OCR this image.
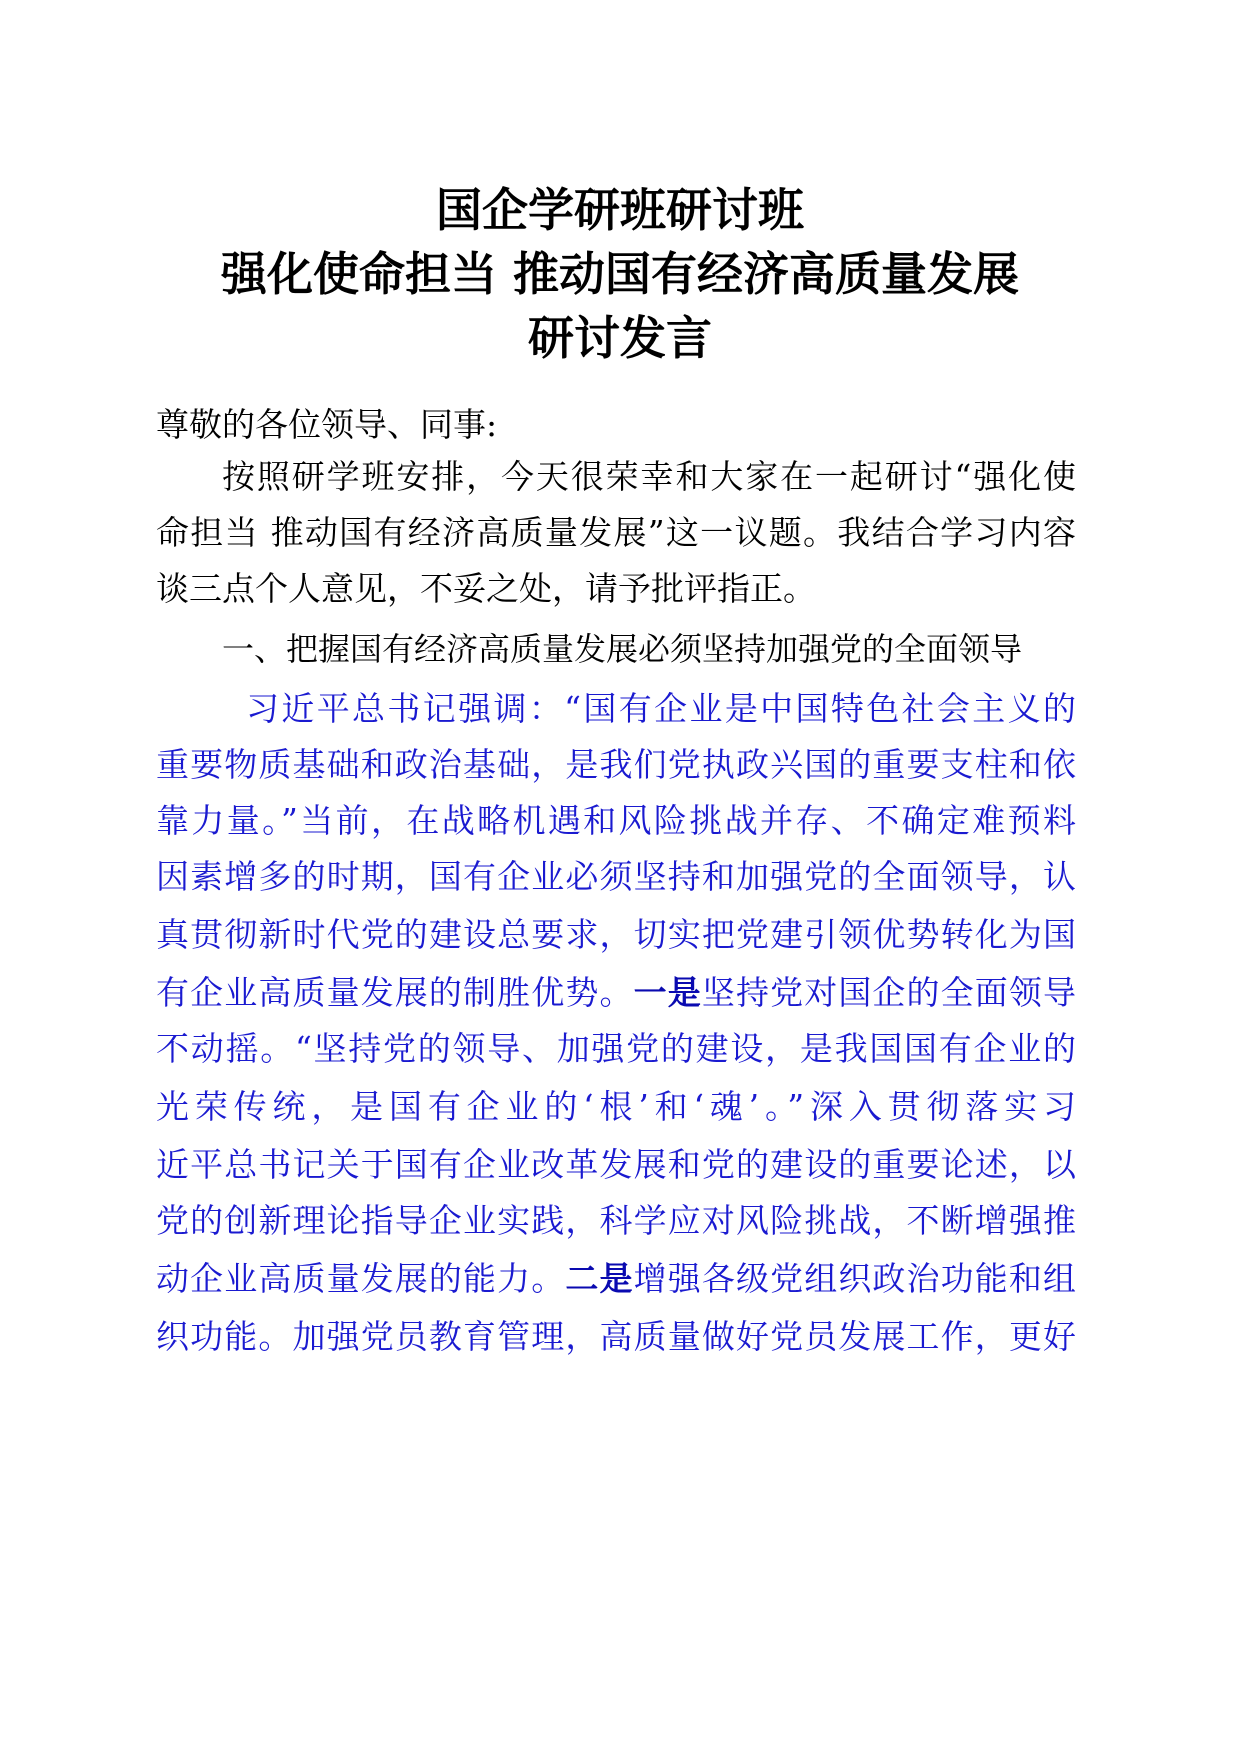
国企学研班研讨班
强化使命担当 推动国有经济高质量发展
研讨发言
尊敬的各位领导、同事:
按照研学班安排，今天很荣幸和大家在一起研讨“强化使
命担当 推动国有经济高质量发展”这一议题。我结合学习内容
谈三点个人意见，不妥之处，请予批评指正。
一、把握国有经济高质量发展必须坚持加强党的全面领导
习近平总书记强调：“国有企业是中国特色社会主义的
重要物质基础和政治基础，是我们党执政兴国的重要支柱和依
靠力量。”当前，在战略机遇和风险挑战并存、不确定难预料
因素增多的时期，国有企业必须坚持和加强党的全面领导，认
真贯彻新时代党的建设总要求，切实把党建引领优势转化为国
有企业高质量发展的制胜优势。一是坚持党对国企的全面领导
不动摇。“坚持党的领导、加强党的建设，是我国国有企业的
光荣传统，是国有企业的‘根’和‘魂’。”深入贯彻落实习
近平总书记关于国有企业改革发展和党的建设的重要论述，以
党的创新理论指导企业实践，科学应对风险挑战，不断增强推
动企业高质量发展的能力。二是增强各级党组织政治功能和组
织功能。加强党员教育管理，高质量做好党员发展工作，更好
